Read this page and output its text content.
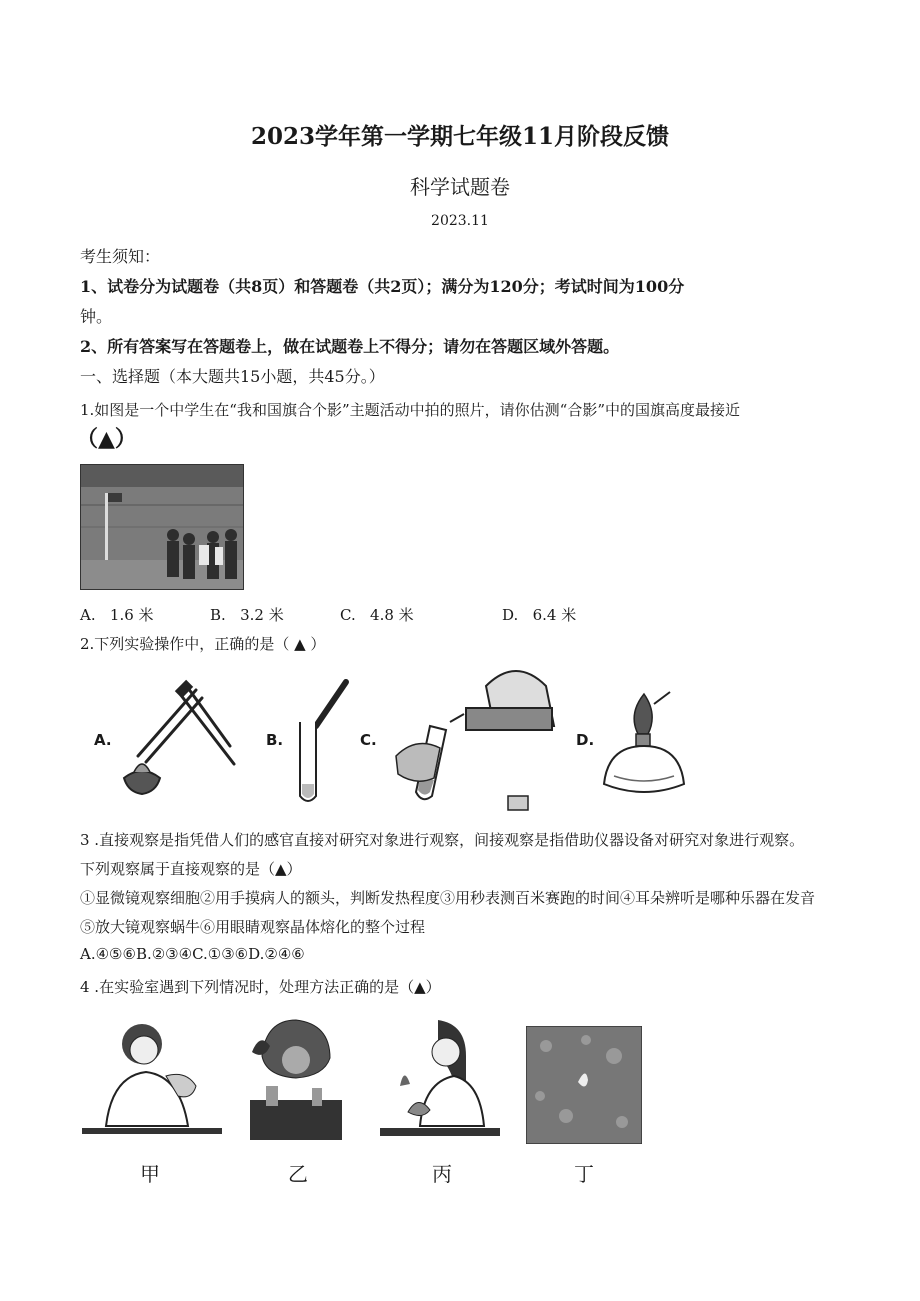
2023学年第一学期七年级11月阶段反馈
科学试题卷
2023.11
考生须知：
1、试卷分为试题卷（共8页）和答题卷（共2页）；满分为120分；考试时间为100分
钟。
2、所有答案写在答题卷上，做在试题卷上不得分；请勿在答题区域外答题。
一、选择题（本大题共15小题，共45分。）
1.如图是一个中学生在“我和国旗合个影”主题活动中拍的照片，请你估测“合影”中的国旗高度最接近
（▲）
A. 1.6 米	B. 3.2 米	C. 4.8 米	D. 6.4 米
2.下列实验操作中，正确的是（ ▲ ）
A.	B.	C.	D.
3 .直接观察是指凭借人们的感官直接对研究对象进行观察，间接观察是指借助仪器设备对研究对象进行观察。
下列观察属于直接观察的是（▲）
①显微镜观察细胞②用手摸病人的额头，判断发热程度③用秒表测百米赛跑的时间④耳朵辨听是哪种乐器在发音
⑤放大镜观察蜗牛⑥用眼睛观察晶体熔化的整个过程
A.④⑤⑥B.②③④C.①③⑥D.②④⑥
4 .在实验室遇到下列情况时，处理方法正确的是（▲）
甲	乙	丙	丁
